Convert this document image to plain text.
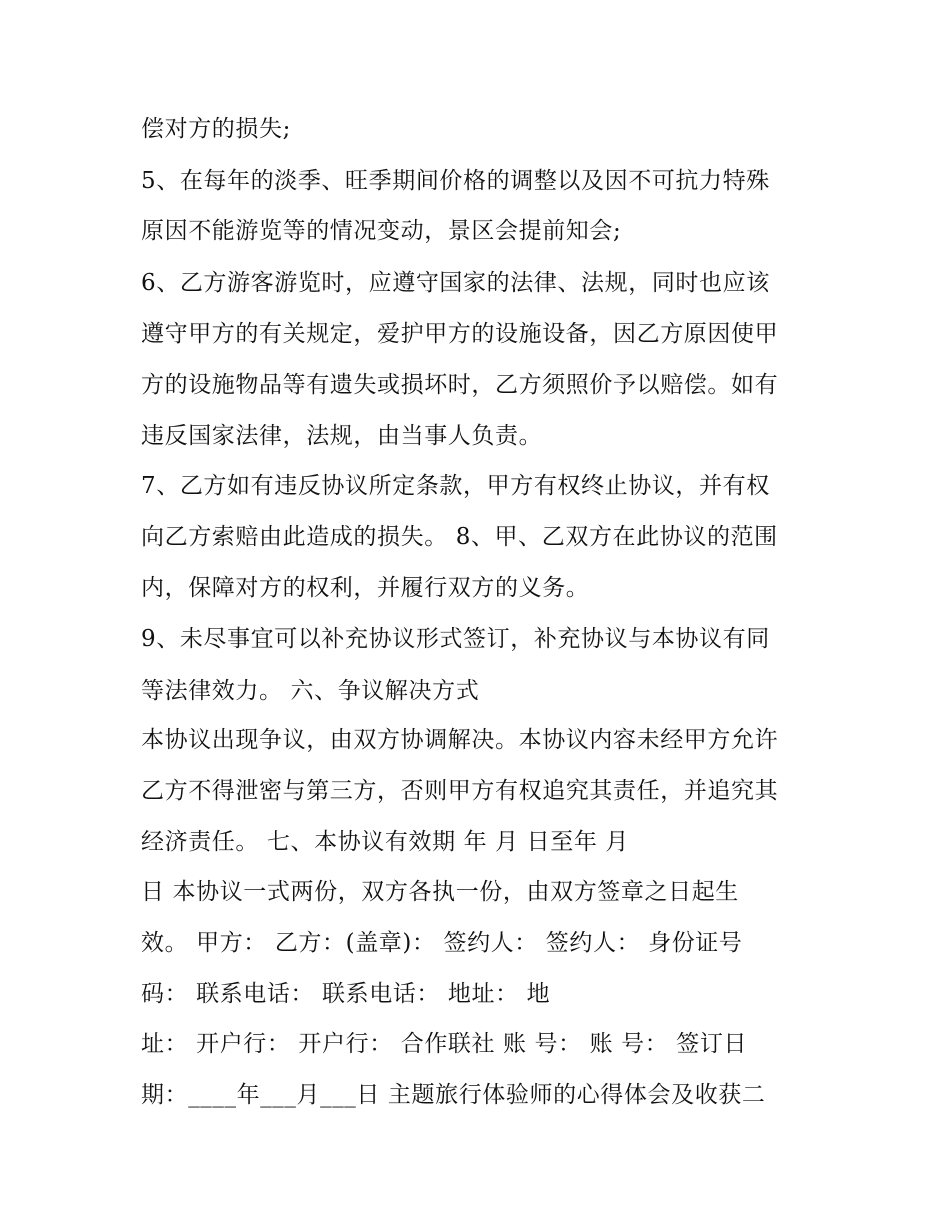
偿对方的损失;
5、在每年的淡季、旺季期间价格的调整以及因不可抗力特殊
原因不能游览等的情况变动，景区会提前知会;
6、乙方游客游览时，应遵守国家的法律、法规，同时也应该
遵守甲方的有关规定，爱护甲方的设施设备，因乙方原因使甲
方的设施物品等有遗失或损坏时，乙方须照价予以赔偿。如有
违反国家法律，法规，由当事人负责。
7、乙方如有违反协议所定条款，甲方有权终止协议，并有权
向乙方索赔由此造成的损失。 8、甲、乙双方在此协议的范围
内，保障对方的权利，并履行双方的义务。
9、未尽事宜可以补充协议形式签订，补充协议与本协议有同
等法律效力。 六、争议解决方式
本协议出现争议，由双方协调解决。本协议内容未经甲方允许
乙方不得泄密与第三方，否则甲方有权追究其责任，并追究其
经济责任。 七、本协议有效期 年 月 日至年 月
日 本协议一式两份，双方各执一份，由双方签章之日起生
效。 甲方： 乙方：(盖章)： 签约人： 签约人： 身份证号
码： 联系电话： 联系电话： 地址： 地
址： 开户行： 开户行： 合作联社 账 号： 账 号： 签订日
期：____年___月___日 主题旅行体验师的心得体会及收获二
